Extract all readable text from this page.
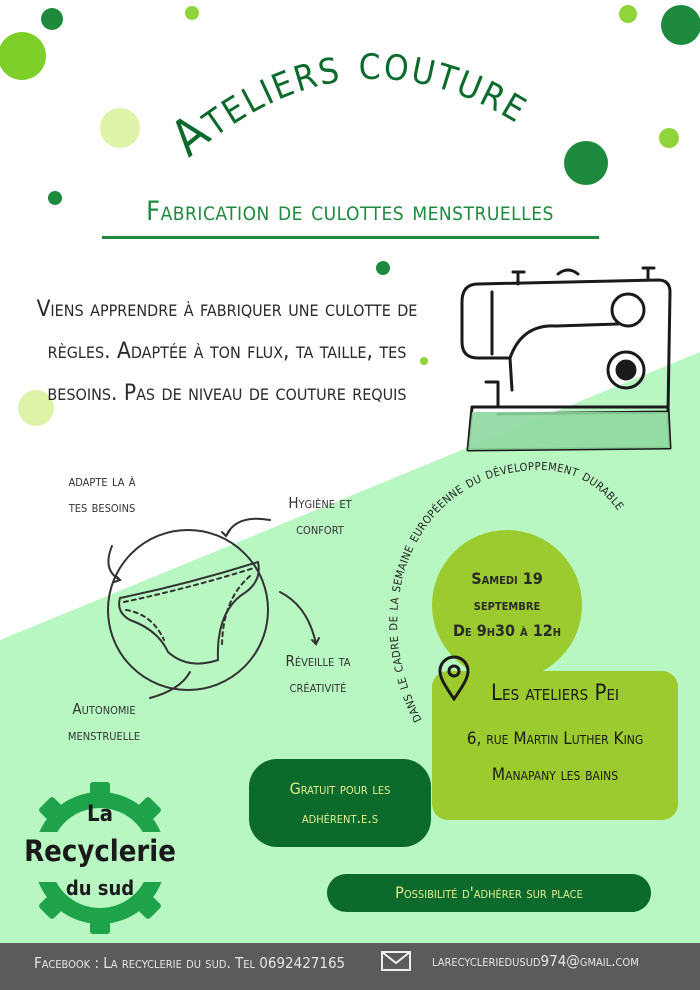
Ateliers couture
Fabrication de culottes menstruelles
Viens apprendre à fabriquer une culotte de
règles. Adaptée à ton flux, ta taille, tes
besoins. Pas de niveau de couture requis
adapte la à
tes besoins	Hygiène et
confort
Réveille ta
créativité
Autonomie
menstruelle
dans le cadre de la semaine européenne du développement durable
Samedi 19
septembre
De 9h30 à 12h
Les ateliers Pei
6, rue Martin Luther King
Manapany les bains
Gratuit pour les
adhérent.e.s
Possibilité d'adhérer sur place
La
Recyclerie
du sud
Facebook : La recyclerie du sud. Tel 0692427165	larecycleriedusud974@gmail.com
